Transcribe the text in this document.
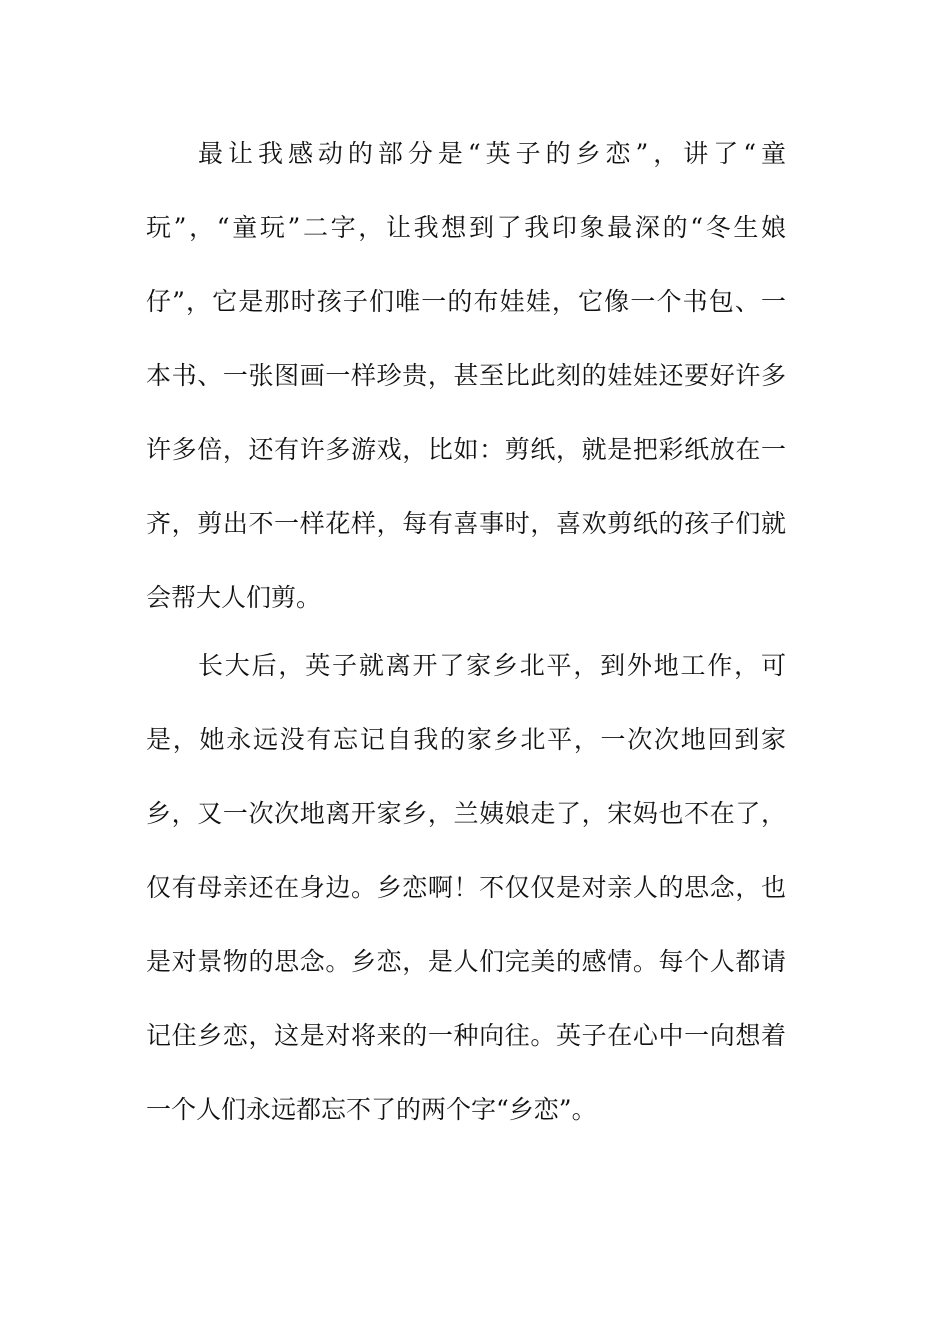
最让我感动的部分是“英子的乡恋”，讲了“童
玩”，“童玩”二字，让我想到了我印象最深的“冬生娘
仔”，它是那时孩子们唯一的布娃娃，它像一个书包、一
本书、一张图画一样珍贵，甚至比此刻的娃娃还要好许多
许多倍，还有许多游戏，比如：剪纸，就是把彩纸放在一
齐，剪出不一样花样，每有喜事时，喜欢剪纸的孩子们就
会帮大人们剪。
长大后，英子就离开了家乡北平，到外地工作，可
是，她永远没有忘记自我的家乡北平，一次次地回到家
乡，又一次次地离开家乡，兰姨娘走了，宋妈也不在了，
仅有母亲还在身边。乡恋啊！不仅仅是对亲人的思念，也
是对景物的思念。乡恋，是人们完美的感情。每个人都请
记住乡恋，这是对将来的一种向往。英子在心中一向想着
一个人们永远都忘不了的两个字“乡恋”。
